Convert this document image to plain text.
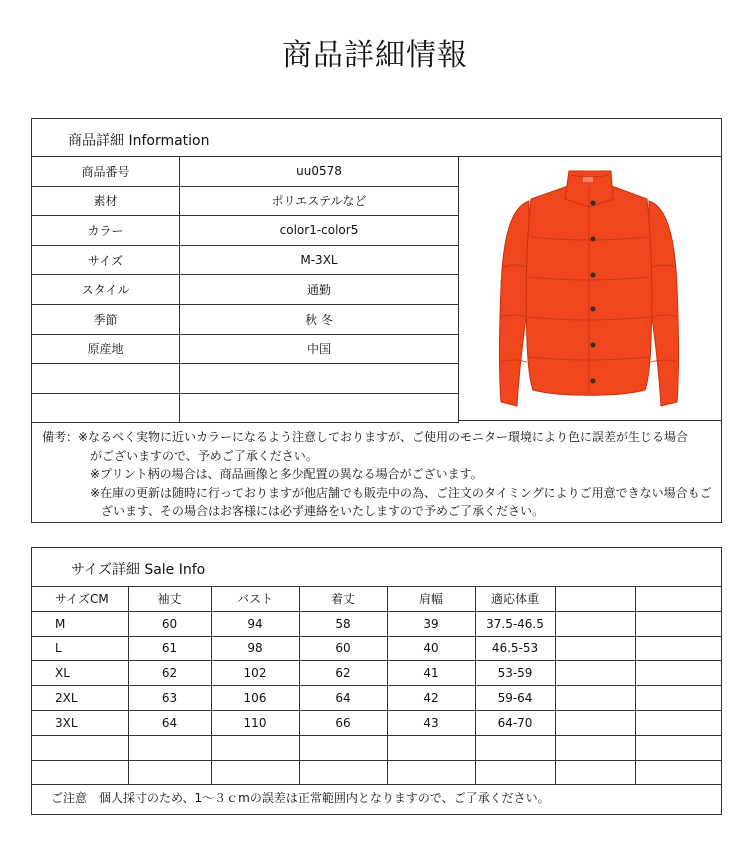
商品詳細情報
商品詳細 Information
商品番号	uu0578
素材	ポリエステルなど
カラー	color1-color5
サイズ	M-3XL
スタイル	通勤
季節	秋 冬
原産地	中国

備考：※なるべく実物に近いカラーになるよう注意しておりますが、ご使用のモニター環境により色に誤差が生じる場合
がございますので、予めご了承ください。
※プリント柄の場合は、商品画像と多少配置の異なる場合がございます。
※在庫の更新は随時に行っておりますが他店舗でも販売中の為、ご注文のタイミングによりご用意できない場合もご
ざいます、その場合はお客様には必ず連絡をいたしますので予めご了承ください。
サイズ詳細 Sale Info
サイズCM	袖丈	バスト	着丈	肩幅	適応体重		
M	60	94	58	39	37.5-46.5		
L	61	98	60	40	46.5-53		
XL	62	102	62	41	53-59		
2XL	63	106	64	42	59-64		
3XL	64	110	66	43	64-70		

ご注意　個人採寸のため、1～３ｃmの誤差は正常範囲内となりますので、ご了承ください。
